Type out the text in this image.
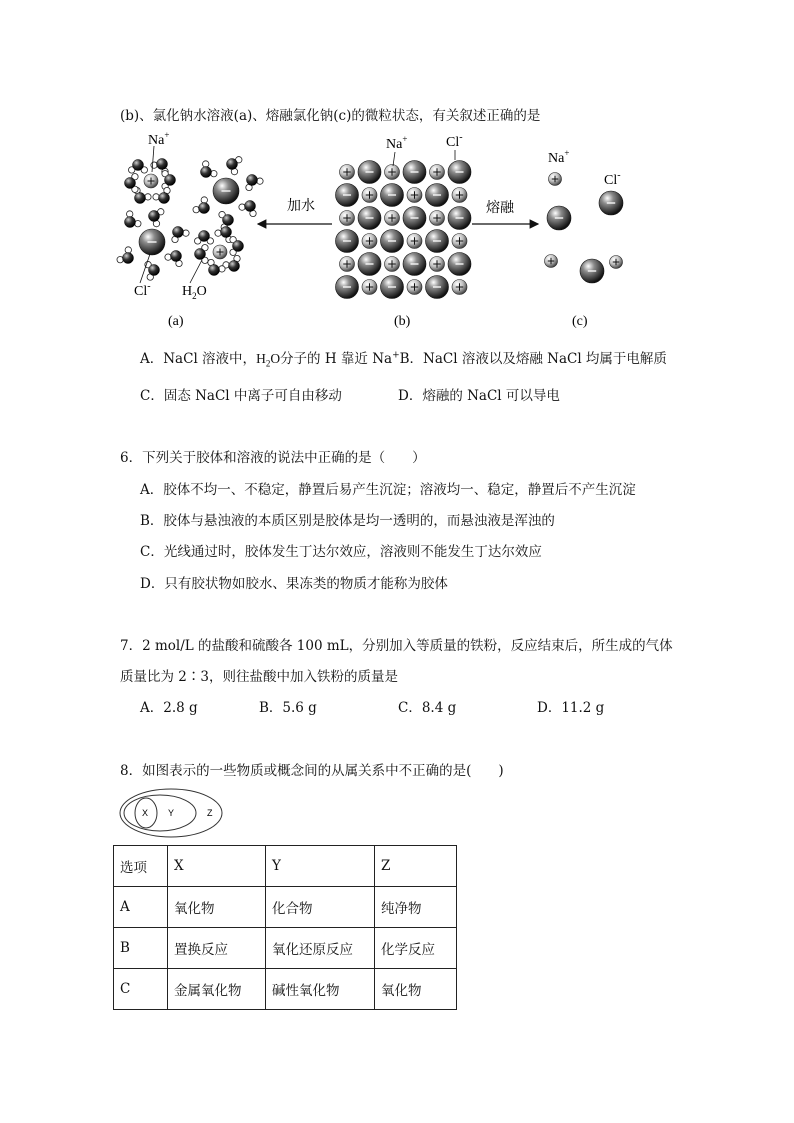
(b)、氯化钠水溶液(a)、熔融氯化钠(c)的微粒状态，有关叙述正确的是
加水	熔融
Na+
Cl- $H_2O$
Na+	Cl-
Na+
Cl-
(a)	(b)	(c)
A．NaCl 溶液中，$H_2O$分子的 H 靠近 Na+B．NaCl 溶液以及熔融 NaCl 均属于电解质
C．固态 NaCl 中离子可自由移动	D．熔融的 NaCl 可以导电
6．下列关于胶体和溶液的说法中正确的是（　　）
A．胶体不均一、不稳定，静置后易产生沉淀；溶液均一、稳定，静置后不产生沉淀
B．胶体与悬浊液的本质区别是胶体是均一透明的，而悬浊液是浑浊的
C．光线通过时，胶体发生丁达尔效应，溶液则不能发生丁达尔效应
D．只有胶状物如胶水、果冻类的物质才能称为胶体
7．2 mol/L 的盐酸和硫酸各 100 mL，分别加入等质量的铁粉，反应结束后，所生成的气体
质量比为 2∶3，则往盐酸中加入铁粉的质量是
A．2.8 g	B．5.6 g	C．8.4 g	D．11.2 g
8．如图表示的一些物质或概念间的从属关系中不正确的是(　　)
X Y	Z
选项	X	Y	Z
A	氧化物	化合物	纯净物
B	置换反应	氧化还原反应	化学反应
C	金属氧化物	碱性氧化物	氧化物
